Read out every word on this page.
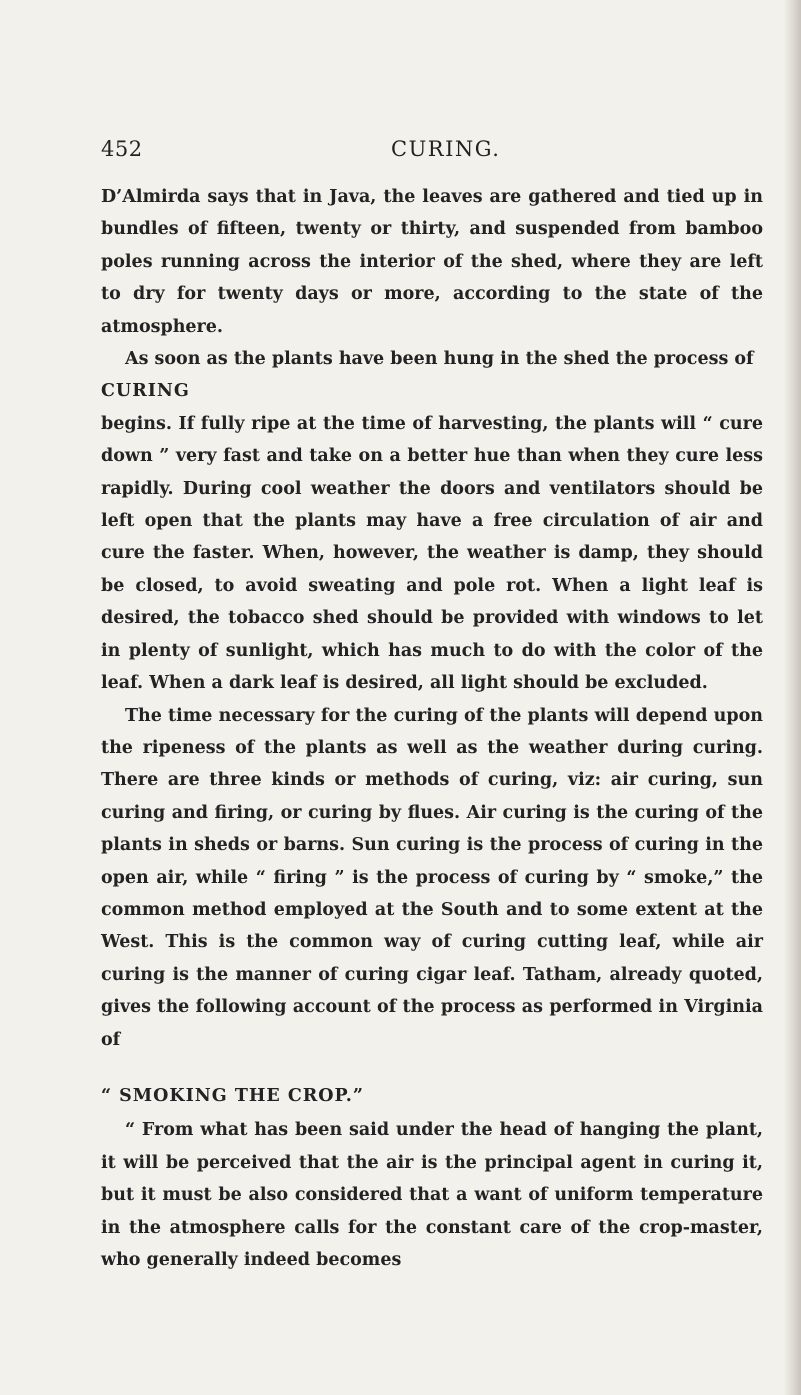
452	CURING.

D’Almirda says that in Java, the leaves are gathered and tied up in bundles of fifteen, twenty or thirty, and suspended from bamboo poles running across the interior of the shed, where they are left to dry for twenty days or more, according to the state of the atmosphere.

As soon as the plants have been hung in the shed the process of

CURING

begins. If fully ripe at the time of harvesting, the plants will “ cure down ” very fast and take on a better hue than when they cure less rapidly. During cool weather the doors and ventilators should be left open that the plants may have a free circulation of air and cure the faster. When, however, the weather is damp, they should be closed, to avoid sweating and pole rot. When a light leaf is desired, the tobacco shed should be provided with windows to let in plenty of sunlight, which has much to do with the color of the leaf. When a dark leaf is desired, all light should be excluded.

The time necessary for the curing of the plants will depend upon the ripeness of the plants as well as the weather during curing. There are three kinds or methods of curing, viz: air curing, sun curing and firing, or curing by flues. Air curing is the curing of the plants in sheds or barns. Sun curing is the process of curing in the open air, while “ firing ” is the process of curing by “ smoke,” the common method employed at the South and to some extent at the West. This is the common way of curing cutting leaf, while air curing is the manner of curing cigar leaf. Tatham, already quoted, gives the following account of the process as performed in Virginia of

“ SMOKING THE CROP.”

“ From what has been said under the head of hanging the plant, it will be perceived that the air is the principal agent in curing it, but it must be also considered that a want of uniform temperature in the atmosphere calls for the constant care of the crop-master, who generally indeed becomes
